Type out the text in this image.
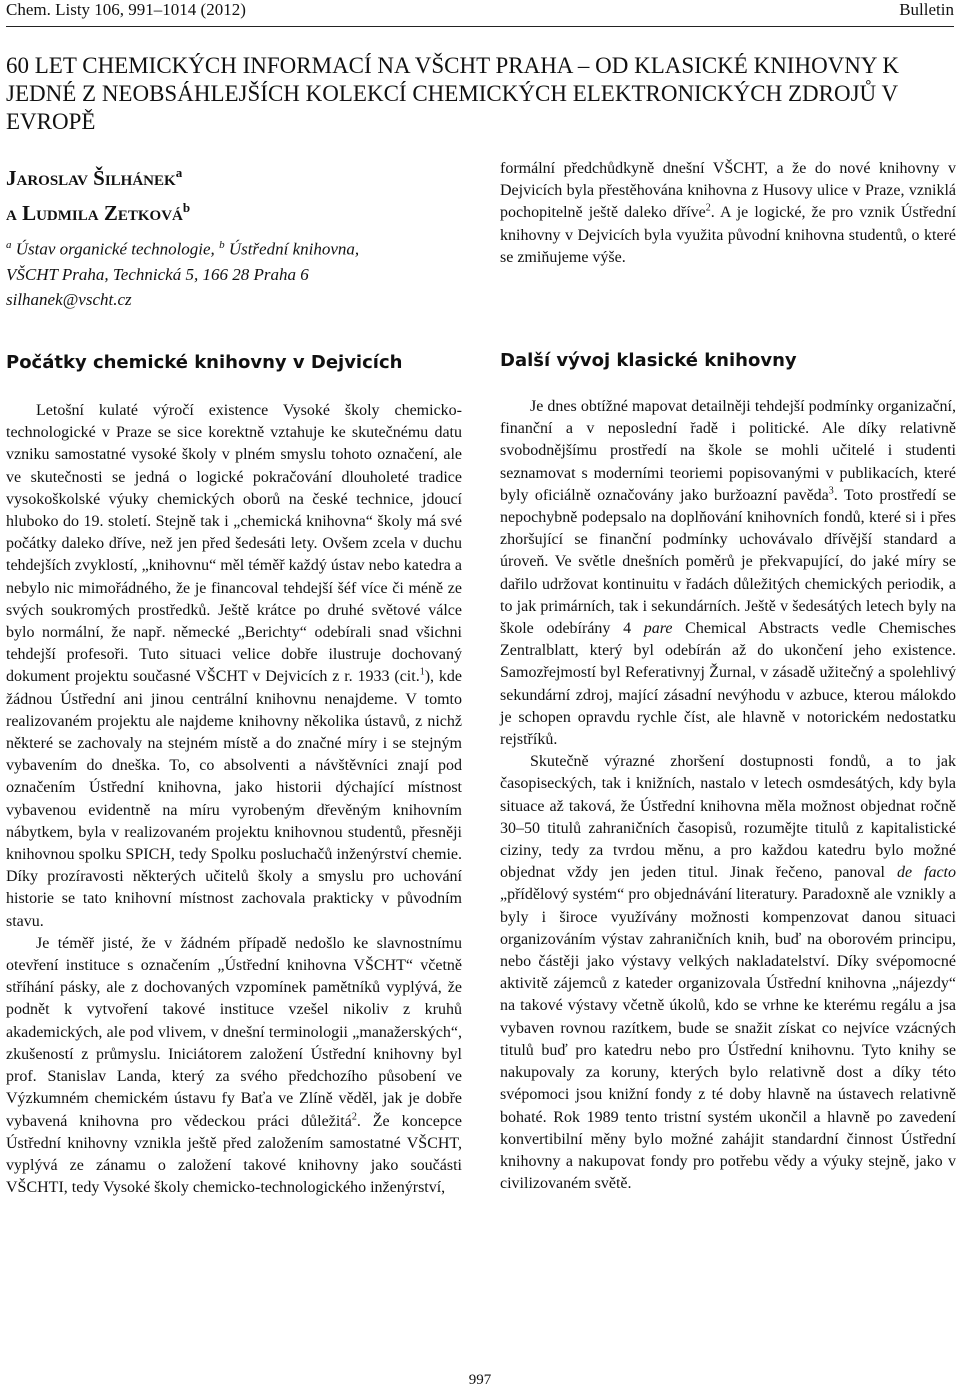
Chem. Listy 106, 991–1014 (2012)	Bulletin
60 LET CHEMICKÝCH INFORMACÍ NA VŠCHT PRAHA – OD KLASICKÉ KNIHOVNY K JEDNÉ Z NEOBSÁHLEJŠÍCH KOLEKCÍ CHEMICKÝCH ELEKTRONICKÝCH ZDROJŮ V EVROPĚ
Jaroslav Šilhánek$^a$
a Ludmila Zetková$^b$
$^a$ Ústav organické technologie, $^b$ Ústřední knihovna,
VŠCHT Praha, Technická 5, 166 28 Praha 6
silhanek@vscht.cz

formální předchůdkyně dnešní VŠCHT, a že do nové knihovny v Dejvicích byla přestěhována knihovna z Husovy ulice v Praze, vzniklá pochopitelně ještě daleko dříve$^2$. A je logické, že pro vznik Ústřední knihovny v Dejvicích byla využita původní knihovna studentů, o které se zmiňujeme výše.

Počátky chemické knihovny v Dejvicích	Další vývoj klasické knihovny

Letošní kulaté výročí existence Vysoké školy chemicko-technologické v Praze se sice korektně vztahuje ke skutečnému datu vzniku samostatné vysoké školy v plném smyslu tohoto označení, ale ve skutečnosti se jedná o logické pokračování dlouholeté tradice vysokoškolské výuky chemických oborů na české technice, jdoucí hluboko do 19. století. Stejně tak i „chemická knihovna“ školy má své počátky daleko dříve, než jen před šedesáti lety. Ovšem zcela v duchu tehdejších zvyklostí, „knihovnu“ měl téměř každý ústav nebo katedra a nebylo nic mimořádného, že je financoval tehdejší šéf více či méně ze svých soukromých prostředků. Ještě krátce po druhé světové válce bylo normální, že např. německé „Berichty“ odebírali snad všichni tehdejší profesoři. Tuto situaci velice dobře ilustruje dochovaný dokument projektu současné VŠCHT v Dejvicích z r. 1933 (cit.$^1$), kde žádnou Ústřední ani jinou centrální knihovnu nenajdeme. V tomto realizovaném projektu ale najdeme knihovny několika ústavů, z nichž některé se zachovaly na stejném místě a do značné míry i se stejným vybavením do dneška. To, co absolventi a návštěvníci znají pod označením Ústřední knihovna, jako historii dýchající místnost vybavenou evidentně na míru vyrobeným dřevěným knihovním nábytkem, byla v realizovaném projektu knihovnou studentů, přesněji knihovnou spolku SPICH, tedy Spolku posluchačů inženýrství chemie. Díky prozíravosti některých učitelů školy a smyslu pro uchování historie se tato knihovní místnost zachovala prakticky v původním stavu.

Je téměř jisté, že v žádném případě nedošlo ke slavnostnímu otevření instituce s označením „Ústřední knihovna VŠCHT“ včetně stříhání pásky, ale z dochovaných vzpomínek pamětníků vyplývá, že podnět k vytvoření takové instituce vzešel nikoliv z kruhů akademických, ale pod vlivem, v dnešní terminologii „manažerských“, zkušeností z průmyslu. Iniciátorem založení Ústřední knihovny byl prof. Stanislav Landa, který za svého předchozího působení ve Výzkumném chemickém ústavu fy Baťa ve Zlíně věděl, jak je dobře vybavená knihovna pro vědeckou práci důležitá$^2$. Že koncepce Ústřední knihovny vznikla ještě před založením samostatné VŠCHT, vyplývá ze zánamu o založení takové knihovny jako součásti VŠCHTI, tedy Vysoké školy chemicko-technologického inženýrství,

Je dnes obtížné mapovat detailněji tehdejší podmínky organizační, finanční a v neposlední řadě i politické. Ale díky relativně svobodnějšímu prostředí na škole se mohli učitelé i studenti seznamovat s moderními teoriemi popisovanými v publikacích, které byly oficiálně označovány jako buržoazní pavěda$^3$. Toto prostředí se nepochybně podepsalo na doplňování knihovních fondů, které si i přes zhoršující se finanční podmínky uchovávalo dřívější standard a úroveň. Ve světle dnešních poměrů je překvapující, do jaké míry se dařilo udržovat kontinuitu v řadách důležitých chemických periodik, a to jak primárních, tak i sekundárních. Ještě v šedesátých letech byly na škole odebírány 4 pare Chemical Abstracts vedle Chemisches Zentralblatt, který byl odebírán až do ukončení jeho existence. Samozřejmostí byl Referativnyj Žurnal, v zásadě užitečný a spolehlivý sekundární zdroj, mající zásadní nevýhodu v azbuce, kterou málokdo je schopen opravdu rychle číst, ale hlavně v notorickém nedostatku rejstříků.

Skutečně výrazné zhoršení dostupnosti fondů, a to jak časopiseckých, tak i knižních, nastalo v letech osmdesátých, kdy byla situace až taková, že Ústřední knihovna měla možnost objednat ročně 30–50 titulů zahraničních časopisů, rozumějte titulů z kapitalistické ciziny, tedy za tvrdou měnu, a pro každou katedru bylo možné objednat vždy jen jeden titul. Jinak řečeno, panoval de facto „přídělový systém“ pro objednávání literatury. Paradoxně ale vznikly a byly i široce využívány možnosti kompenzovat danou situaci organizováním výstav zahraničních knih, buď na oborovém principu, nebo částěji jako výstavy velkých nakladatelství. Díky svépomocné aktivitě zájemců z kateder organizovala Ústřední knihovna „nájezdy“ na takové výstavy včetně úkolů, kdo se vrhne ke kterému regálu a jsa vybaven rovnou razítkem, bude se snažit získat co nejvíce vzácných titulů buď pro katedru nebo pro Ústřední knihovnu. Tyto knihy se nakupovaly za koruny, kterých bylo relativně dost a díky této svépomoci jsou knižní fondy z té doby hlavně na ústavech relativně bohaté. Rok 1989 tento tristní systém ukončil a hlavně po zavedení konvertibilní měny bylo možné zahájit standardní činnost Ústřední knihovny a nakupovat fondy pro potřebu vědy a výuky stejně, jako v civilizovaném světě.

997
